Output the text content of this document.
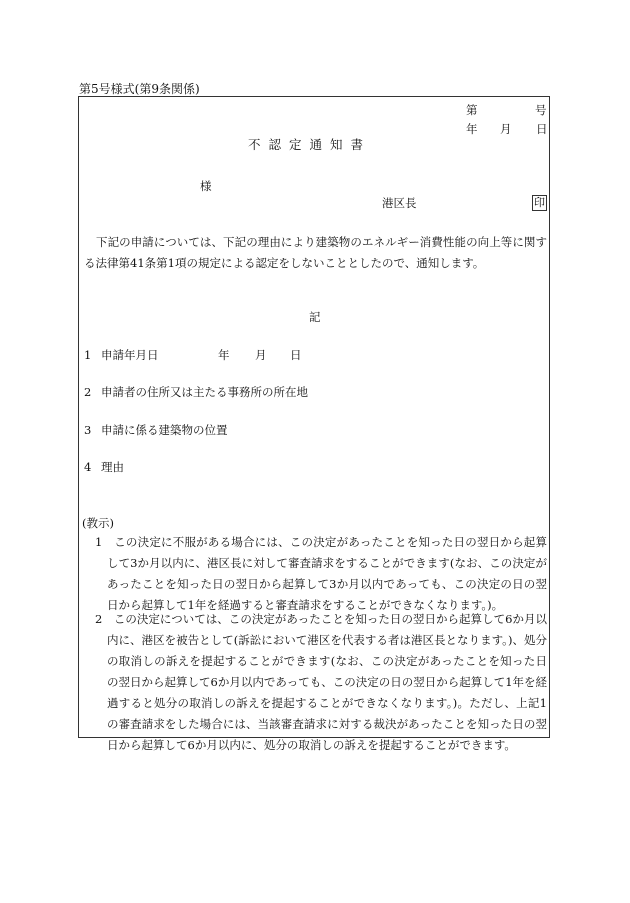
第5号様式(第9条関係)
第	号
年 月 日
不認定通知書
様
港区長	印
下記の申請については、下記の理由により建築物のエネルギー消費性能の向上等に関する法律第41条第1項の規定による認定をしないこととしたので、通知します。
記
1 申請年月日	年 月 日
2 申請者の住所又は主たる事務所の所在地
3 申請に係る建築物の位置
4 理由
(教示)
1　この決定に不服がある場合には、この決定があったことを知った日の翌日から起算して3か月以内に、港区長に対して審査請求をすることができます(なお、この決定があったことを知った日の翌日から起算して3か月以内であっても、この決定の日の翌日から起算して1年を経過すると審査請求をすることができなくなります。)。
2　この決定については、この決定があったことを知った日の翌日から起算して6か月以内に、港区を被告として(訴訟において港区を代表する者は港区長となります。)、処分の取消しの訴えを提起することができます(なお、この決定があったことを知った日の翌日から起算して6か月以内であっても、この決定の日の翌日から起算して1年を経過すると処分の取消しの訴えを提起することができなくなります。)。ただし、上記1の審査請求をした場合には、当該審査請求に対する裁決があったことを知った日の翌日から起算して6か月以内に、処分の取消しの訴えを提起することができます。
